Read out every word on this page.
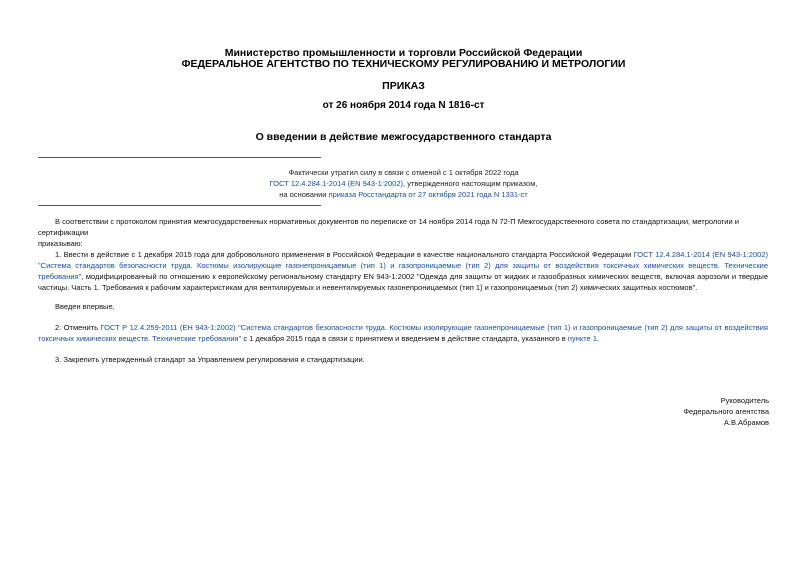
Министерство промышленности и торговли Российской Федерации
ФЕДЕРАЛЬНОЕ АГЕНТСТВО ПО ТЕХНИЧЕСКОМУ РЕГУЛИРОВАНИЮ И МЕТРОЛОГИИ
ПРИКАЗ
от 26 ноября 2014 года N 1816-ст
О введении в действие межгосударственного стандарта
Фактически утратил силу в связи с отменой с 1 октября 2022 года
ГОСТ 12.4.284.1-2014 (EN 943-1:2002), утвержденного настоящим приказом,
на основании приказа Росстандарта от 27 октября 2021 года N 1331-ст
В соответствии с протоколом принятия межгосударственных нормативных документов по переписке от 14 ноября 2014 года N 72-П Межгосударственного совета по стандартизации, метрологии и сертификации
приказываю:
1. Ввести в действие с 1 декабря 2015 года для добровольного применения в Российской Федерации в качестве национального стандарта Российской Федерации ГОСТ 12.4.284.1-2014 (EN 943-1:2002) "Система стандартов безопасности труда. Костюмы изолирующие газонепроницаемые (тип 1) и газопроницаемые (тип 2) для защиты от воздействия токсичных химических веществ. Технические требования", модифицированный по отношению к европейскому региональному стандарту EN 943-1:2002 "Одежда для защиты от жидких и газообразных химических веществ, включая аэрозоли и твердые частицы. Часть 1. Требования к рабочим характеристикам для вентилируемых и невентилируемых газонепроницаемых (тип 1) и газопроницаемых (тип 2) химических защитных костюмов".
Введен впервые.
2. Отменить ГОСТ Р 12.4.259-2011 (ЕН 943-1:2002) "Система стандартов безопасности труда. Костюмы изолирующие газонепроницаемые (тип 1) и газопроницаемые (тип 2) для защиты от воздействия токсичных химических веществ. Технические требования" с 1 декабря 2015 года в связи с принятием и введением в действие стандарта, указанного в пункте 1.
3. Закрепить утвержденный стандарт за Управлением регулирования и стандартизации.
Руководитель
Федерального агентства
А.В.Абрамов
